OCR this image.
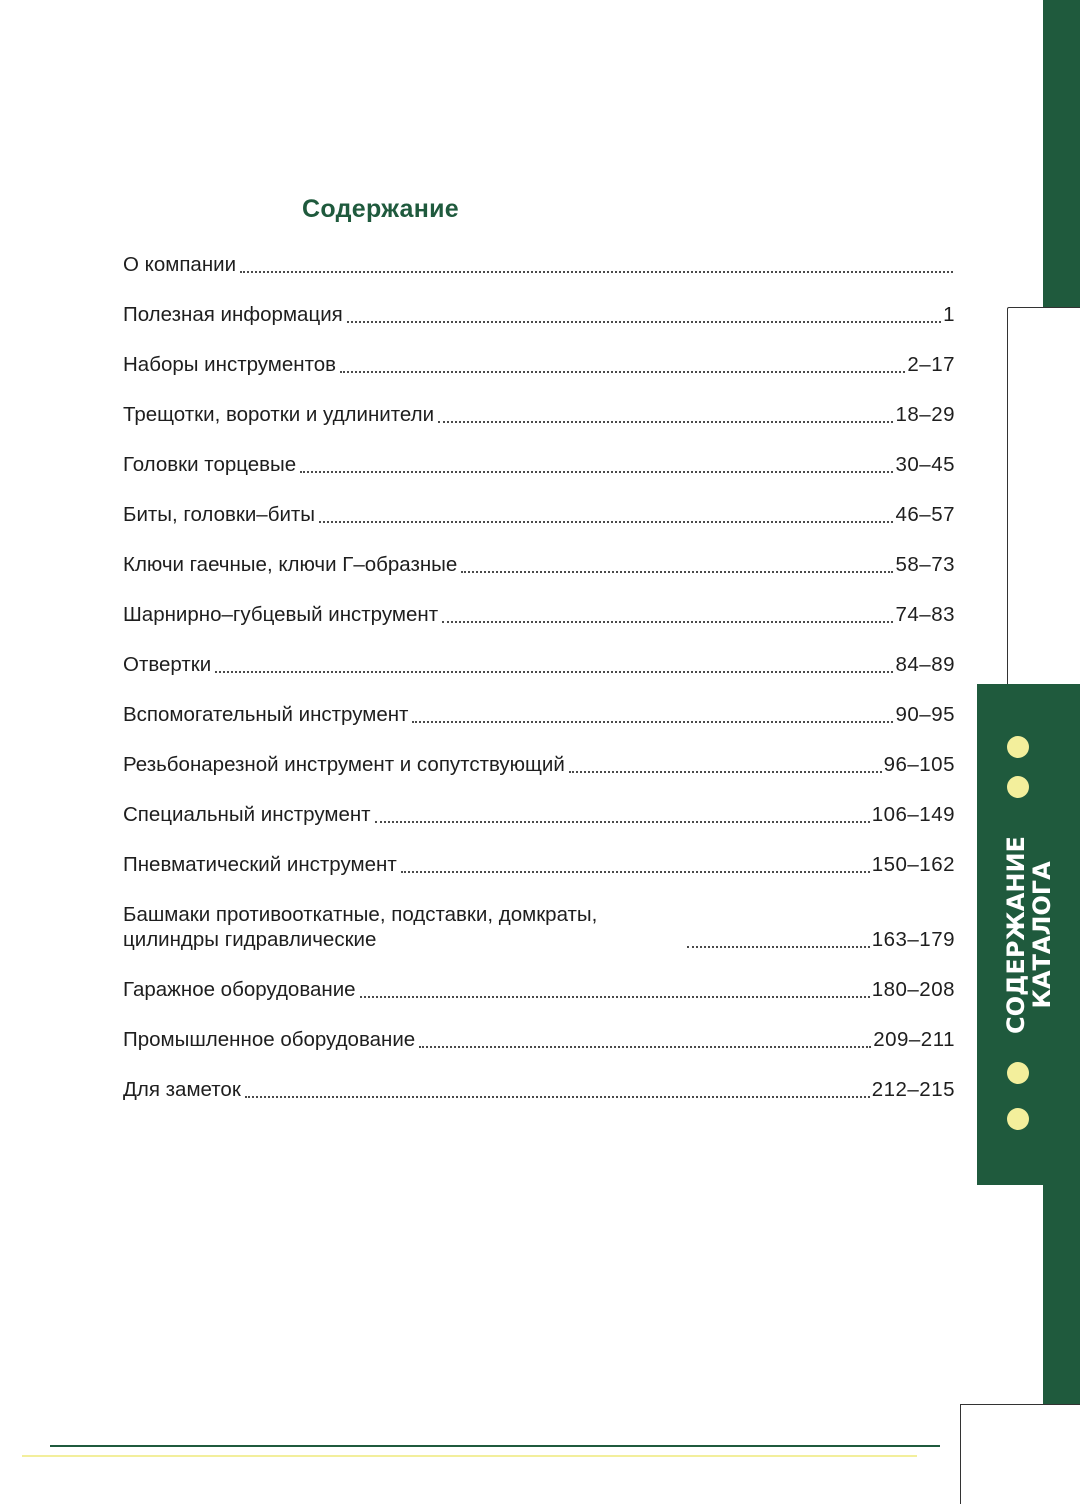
Содержание
О компании
Полезная информация	1
Наборы инструментов	2–17
Трещотки, воротки и удлинители	18–29
Головки торцевые	30–45
Биты, головки–биты	46–57
Ключи гаечные, ключи Г–образные	58–73
Шарнирно–губцевый инструмент	74–83
Отвертки	84–89
Вспомогательный инструмент	90–95
Резьбонарезной инструмент и сопутствующий	96–105
Специальный инструмент	106–149
Пневматический инструмент	150–162
Башмаки противооткатные, подставки, домкраты, цилиндры гидравлические	163–179
Гаражное оборудование	180–208
Промышленное оборудование	209–211
Для заметок	212–215
СОДЕРЖАНИЕ
КАТАЛОГА
